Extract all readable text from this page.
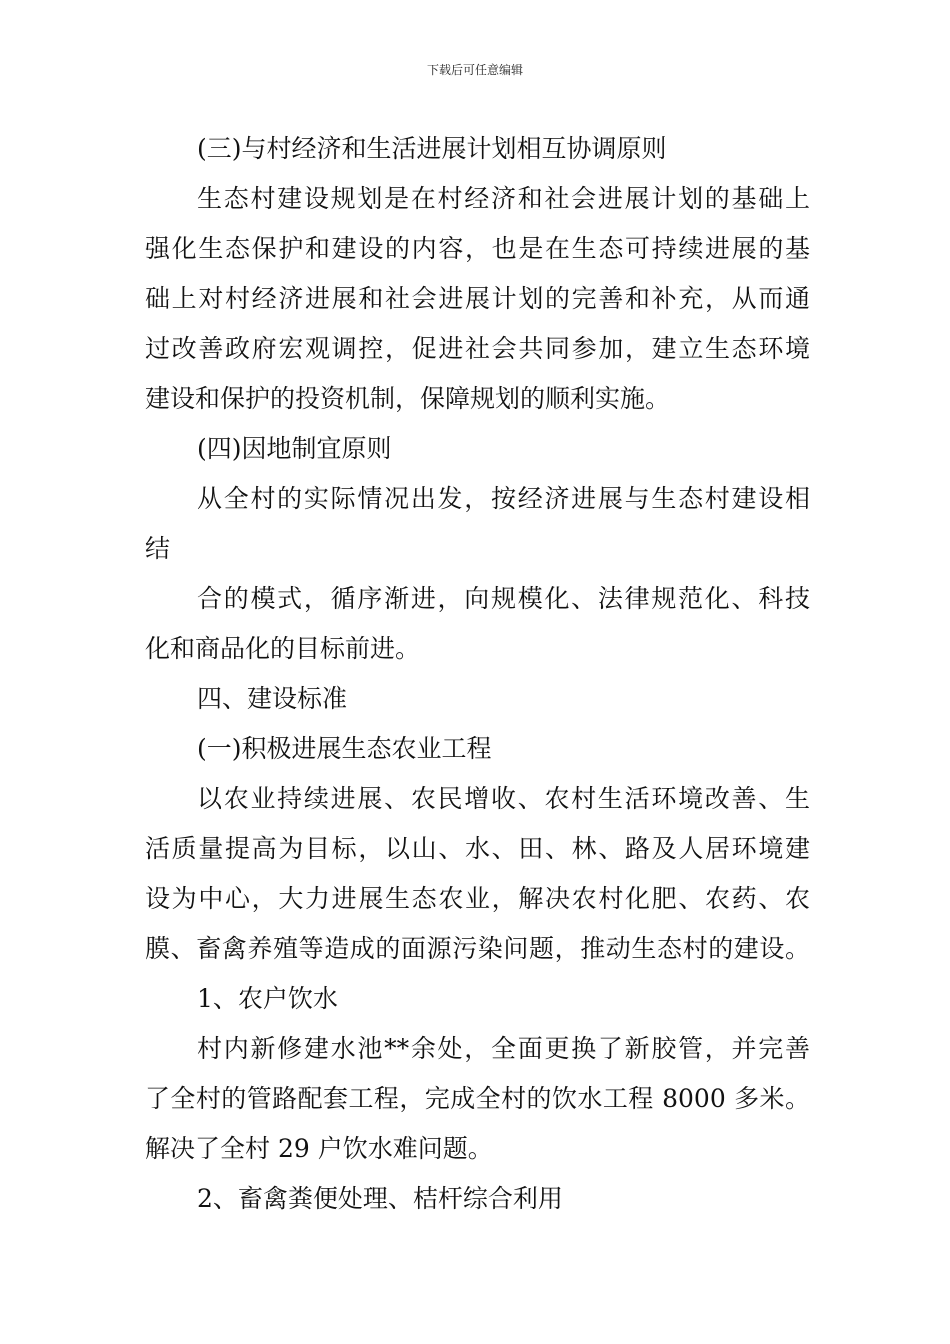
下载后可任意编辑
(三)与村经济和生活进展计划相互协调原则
生态村建设规划是在村经济和社会进展计划的基础上
强化生态保护和建设的内容，也是在生态可持续进展的基
础上对村经济进展和社会进展计划的完善和补充，从而通
过改善政府宏观调控，促进社会共同参加，建立生态环境
建设和保护的投资机制，保障规划的顺利实施。
(四)因地制宜原则
从全村的实际情况出发，按经济进展与生态村建设相
结
合的模式，循序渐进，向规模化、法律规范化、科技
化和商品化的目标前进。
四、建设标准
(一)积极进展生态农业工程
以农业持续进展、农民增收、农村生活环境改善、生
活质量提高为目标，以山、水、田、林、路及人居环境建
设为中心，大力进展生态农业，解决农村化肥、农药、农
膜、畜禽养殖等造成的面源污染问题，推动生态村的建设。
1、农户饮水
村内新修建水池**余处，全面更换了新胶管，并完善
了全村的管路配套工程，完成全村的饮水工程 8000 多米。
解决了全村 29 户饮水难问题。
2、畜禽粪便处理、桔杆综合利用
